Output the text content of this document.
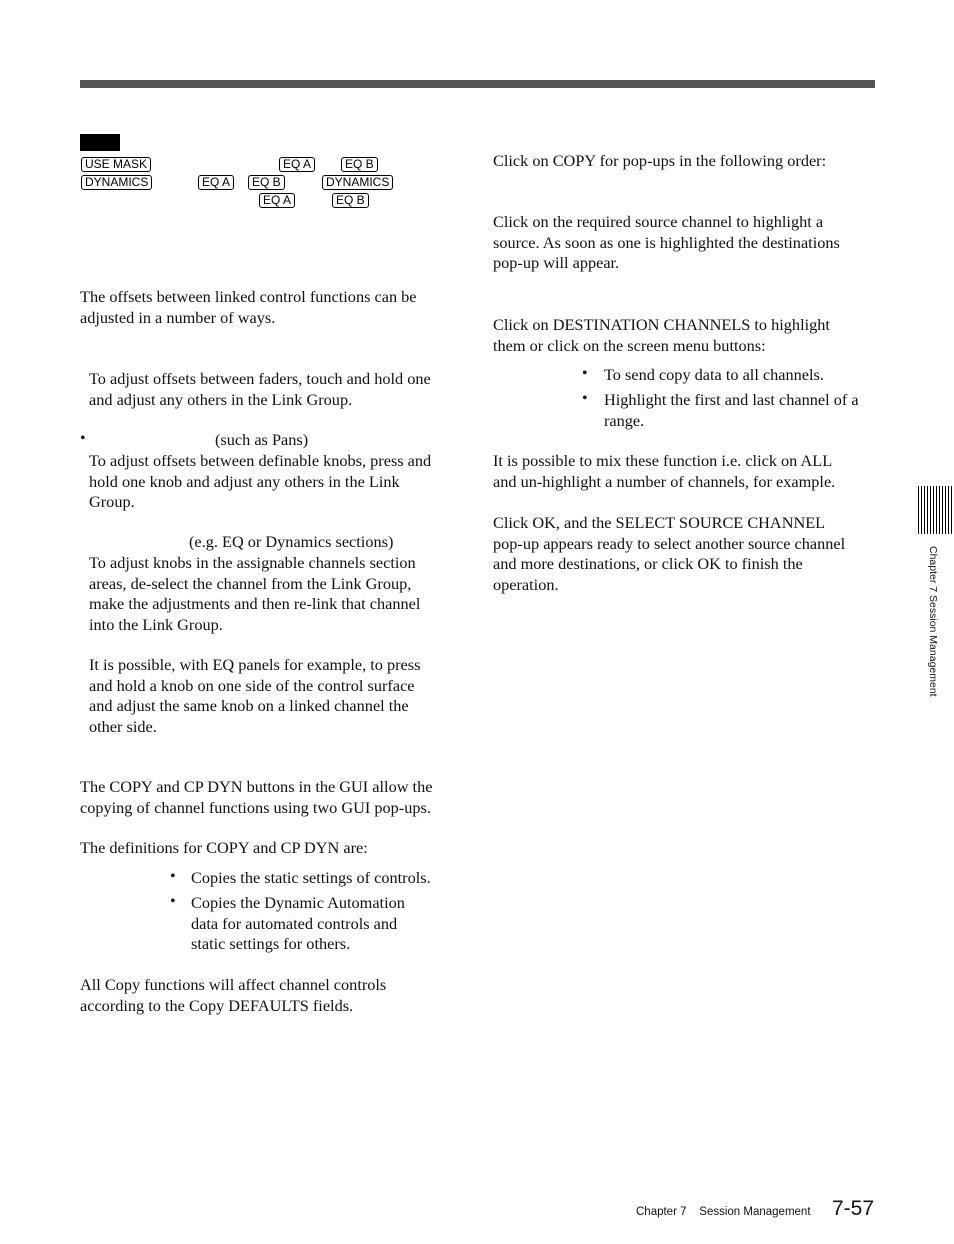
USE MASK	EQ A	EQ B
DYNAMICS	EQ A	EQ B	DYNAMICS
EQ A	EQ B
The offsets between linked control functions can be
adjusted in a number of ways.
To adjust offsets between faders, touch and hold one
and adjust any others in the Link Group.
•	(such as Pans)
To adjust offsets between definable knobs, press and
hold one knob and adjust any others in the Link
Group.
(e.g. EQ or Dynamics sections)
To adjust knobs in the assignable channels section
areas, de-select the channel from the Link Group,
make the adjustments and then re-link that channel
into the Link Group.
It is possible, with EQ panels for example, to press
and hold a knob on one side of the control surface
and adjust the same knob on a linked channel the
other side.
The COPY and CP DYN buttons in the GUI allow the
copying of channel functions using two GUI pop-ups.
The definitions for COPY and CP DYN are:
• Copies the static settings of controls.
• Copies the Dynamic Automation
data for automated controls and
static settings for others.
All Copy functions will affect channel controls
according to the Copy DEFAULTS fields.
Click on COPY for pop-ups in the following order:
Click on the required source channel to highlight a
source. As soon as one is highlighted the destinations
pop-up will appear.
Click on DESTINATION CHANNELS to highlight
them or click on the screen menu buttons:
• To send copy data to all channels.
• Highlight the first and last channel of a
range.
It is possible to mix these function i.e. click on ALL
and un-highlight a number of channels, for example.
Click OK, and the SELECT SOURCE CHANNEL
pop-up appears ready to select another source channel
and more destinations, or click OK to finish the
operation.	Chapter 7 Session Management
Chapter 7    Session Management 7-57
